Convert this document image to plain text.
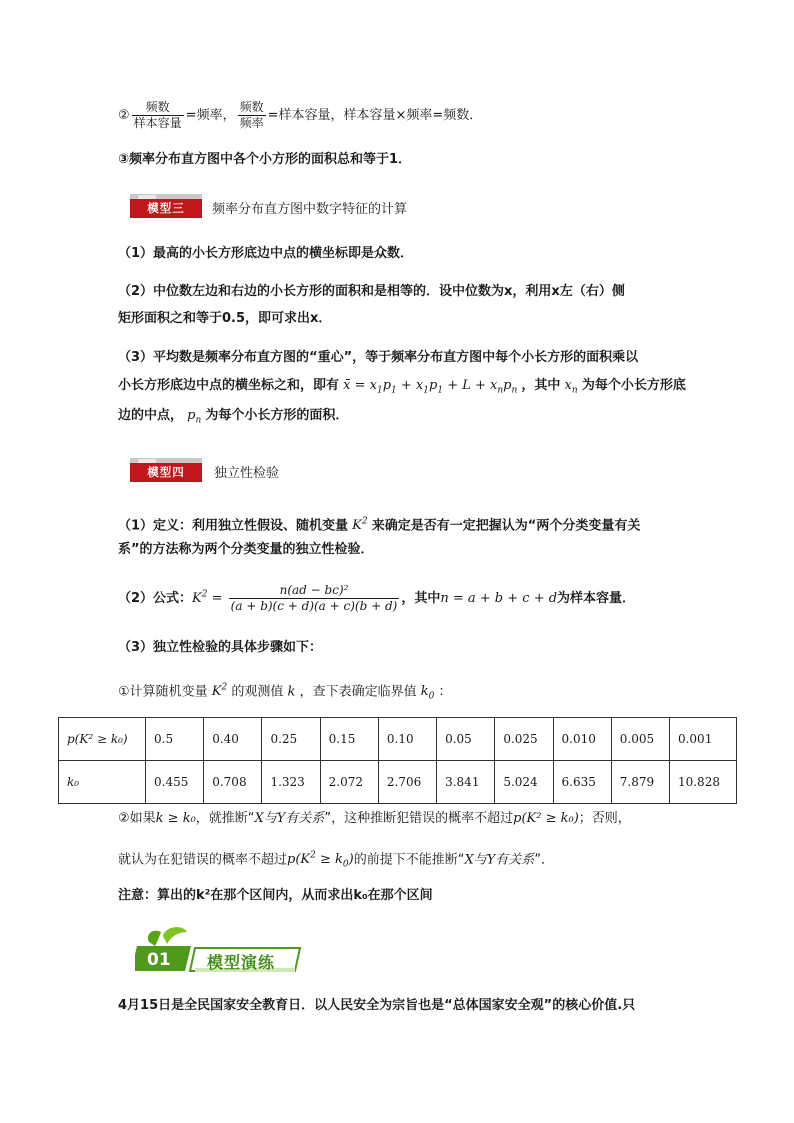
② $\frac{\text{频数}}{\text{样本容量}}$ =频率， $\frac{\text{频数}}{\text{频率}}$ =样本容量，样本容量×频率=频数．
③频率分布直方图中各个小方形的面积总和等于1．
模型三	频率分布直方图中数字特征的计算
（1）最高的小长方形底边中点的横坐标即是众数．
（2）中位数左边和右边的小长方形的面积和是相等的．设中位数为x，利用x左（右）侧
矩形面积之和等于0.5，即可求出x．
（3）平均数是频率分布直方图的“重心”，等于频率分布直方图中每个小长方形的面积乘以
小长方形底边中点的横坐标之和，即有 x̄ = $x_1p_1 + x_1p_1 + L + x_np_n$ ，其中 $x_n$ 为每个小长方形底
边的中点， $p_n$ 为每个小长方形的面积．
模型四	独立性检验
（1）定义：利用独立性假设、随机变量 $K^2$ 来确定是否有一定把握认为“两个分类变量有关
系”的方法称为两个分类变量的独立性检验．
（2）公式：$K^2 = \frac{\text{n(ad − bc)²}}{(a + b)(c + d)(a + c)(b + d)}$ ，其中n = a + b + c + d为样本容量．
（3）独立性检验的具体步骤如下：
①计算随机变量 $K^2$ 的观测值 k ，查下表确定临界值 $k_0$ ：
p(K² ≥ k₀)	0.5	0.40	0.25	0.15	0.10	0.05	0.025	0.010	0.005	0.001
k₀	0.455	0.708	1.323	2.072	2.706	3.841	5.024	6.635	7.879	10.828
②如果k ≥ k₀，就推断“X与Y有关系”，这种推断犯错误的概率不超过p(K² ≥ k₀)；否则，
就认为在犯错误的概率不超过$p(K^2 \ge k_0)$的前提下不能推断“X与Y有关系”．
注意：算出的k²在那个区间内，从而求出k₀在那个区间
01 模型演练
4月15日是全民国家安全教育日．以人民安全为宗旨也是“总体国家安全观”的核心价值.只
